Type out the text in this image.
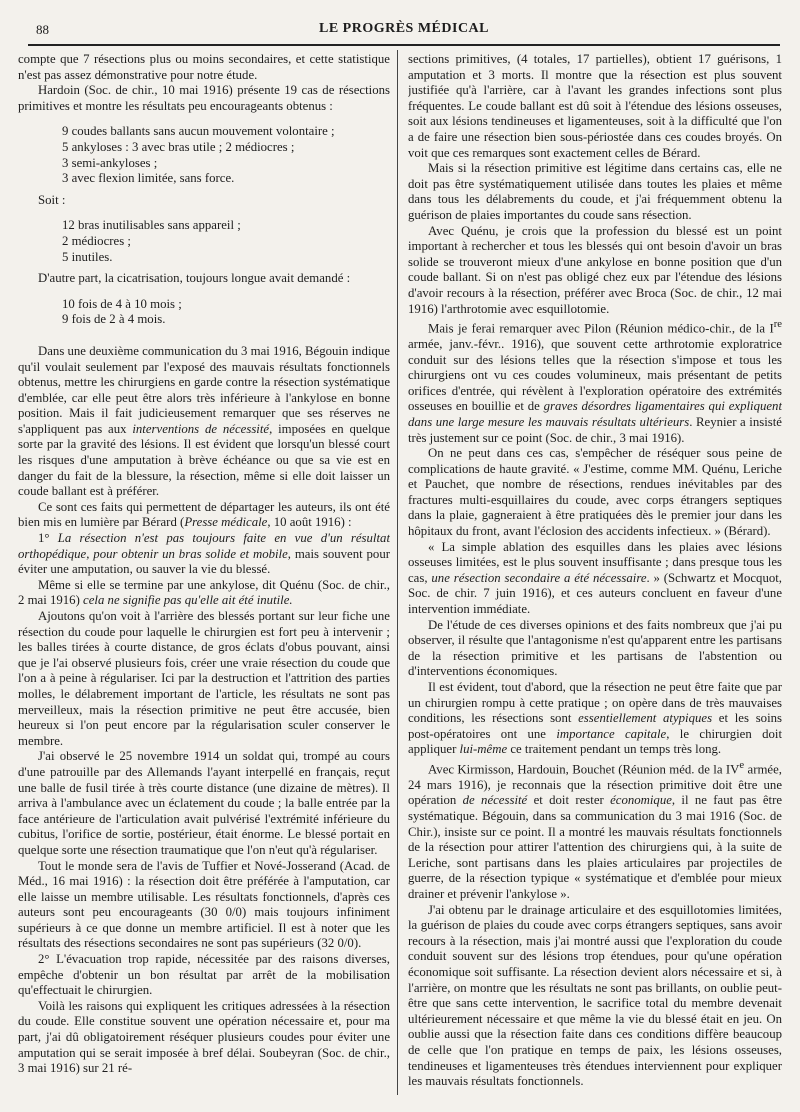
88	LE PROGRÈS MÉDICAL

compte que 7 résections plus ou moins secondaires, et cette statistique n'est pas assez démonstrative pour notre étude.

Hardoin (Soc. de chir., 10 mai 1916) présente 19 cas de résections primitives et montre les résultats peu encourageants obtenus :

9 coudes ballants sans aucun mouvement volontaire ;
5 ankyloses : 3 avec bras utile ; 2 médiocres ;
3 semi-ankyloses ;
3 avec flexion limitée, sans force.

Soit :

12 bras inutilisables sans appareil ;
2 médiocres ;
5 inutiles.

D'autre part, la cicatrisation, toujours longue avait demandé :

10 fois de 4 à 10 mois ;
9 fois de 2 à 4 mois.

Dans une deuxième communication du 3 mai 1916, Bégouin indique qu'il voulait seulement par l'exposé des mauvais résultats fonctionnels obtenus, mettre les chirurgiens en garde contre la résection systématique d'emblée, car elle peut être alors très inférieure à l'ankylose en bonne position. Mais il fait judicieusement remarquer que ses réserves ne s'appliquent pas aux interventions de nécessité, imposées en quelque sorte par la gravité des lésions. Il est évident que lorsqu'un blessé court les risques d'une amputation à brève échéance ou que sa vie est en danger du fait de la blessure, la résection, même si elle doit laisser un coude ballant est à préférer.

Ce sont ces faits qui permettent de départager les auteurs, ils ont été bien mis en lumière par Bérard (Presse médicale, 10 août 1916) :

1° La résection n'est pas toujours faite en vue d'un résultat orthopédique, pour obtenir un bras solide et mobile, mais souvent pour éviter une amputation, ou sauver la vie du blessé.

Même si elle se termine par une ankylose, dit Quénu (Soc. de chir., 2 mai 1916) cela ne signifie pas qu'elle ait été inutile.

Ajoutons qu'on voit à l'arrière des blessés portant sur leur fiche une résection du coude pour laquelle le chirurgien est fort peu à intervenir ; les balles tirées à courte distance, de gros éclats d'obus pouvant, ainsi que je l'ai observé plusieurs fois, créer une vraie résection du coude que l'on a à peine à régulariser. Ici par la destruction et l'attrition des parties molles, le délabrement important de l'article, les résultats ne sont pas merveilleux, mais la résection primitive ne peut être accusée, bien heureux si l'on peut encore par la régularisation sculer conserver le membre.

J'ai observé le 25 novembre 1914 un soldat qui, trompé au cours d'une patrouille par des Allemands l'ayant interpellé en français, reçut une balle de fusil tirée à très courte distance (une dizaine de mètres). Il arriva à l'ambulance avec un éclatement du coude ; la balle entrée par la face antérieure de l'articulation avait pulvérisé l'extrémité inférieure du cubitus, l'orifice de sortie, postérieur, était énorme. Le blessé portait en quelque sorte une résection traumatique que l'on n'eut qu'à régulariser.

Tout le monde sera de l'avis de Tuffier et Nové-Josserand (Acad. de Méd., 16 mai 1916) : la résection doit être préférée à l'amputation, car elle laisse un membre utilisable. Les résultats fonctionnels, d'après ces auteurs sont peu encourageants (30 0/0) mais toujours infiniment supérieurs à ce que donne un membre artificiel. Il est à noter que les résultats des résections secondaires ne sont pas supérieurs (32 0/0).

2° L'évacuation trop rapide, nécessitée par des raisons diverses, empêche d'obtenir un bon résultat par arrêt de la mobilisation qu'effectuait le chirurgien.

Voilà les raisons qui expliquent les critiques adressées à la résection du coude. Elle constitue souvent une opération nécessaire et, pour ma part, j'ai dû obligatoirement réséquer plusieurs coudes pour éviter une amputation qui se serait imposée à bref délai. Soubeyran (Soc. de chir., 3 mai 1916) sur 21 ré-

sections primitives, (4 totales, 17 partielles), obtient 17 guérisons, 1 amputation et 3 morts. Il montre que la résection est plus souvent justifiée qu'à l'arrière, car à l'avant les grandes infections sont plus fréquentes. Le coude ballant est dû soit à l'étendue des lésions osseuses, soit aux lésions tendineuses et ligamenteuses, soit à la difficulté que l'on a de faire une résection bien sous-périostée dans ces coudes broyés. On voit que ces remarques sont exactement celles de Bérard.

Mais si la résection primitive est légitime dans certains cas, elle ne doit pas être systématiquement utilisée dans toutes les plaies et même dans tous les délabrements du coude, et j'ai fréquemment obtenu la guérison de plaies importantes du coude sans résection.

Avec Quénu, je crois que la profession du blessé est un point important à rechercher et tous les blessés qui ont besoin d'avoir un bras solide se trouveront mieux d'une ankylose en bonne position que d'un coude ballant. Si on n'est pas obligé chez eux par l'étendue des lésions d'avoir recours à la résection, préférer avec Broca (Soc. de chir., 12 mai 1916) l'arthrotomie avec esquillotomie.

Mais je ferai remarquer avec Pilon (Réunion médico-chir., de la Ire armée, janv.-févr.. 1916), que souvent cette arthrotomie exploratrice conduit sur des lésions telles que la résection s'impose et tous les chirurgiens ont vu ces coudes volumineux, mais présentant de petits orifices d'entrée, qui révèlent à l'exploration opératoire des extrémités osseuses en bouillie et de graves désordres ligamentaires qui expliquent dans une large mesure les mauvais résultats ultérieurs. Reynier a insisté très justement sur ce point (Soc. de chir., 3 mai 1916).

On ne peut dans ces cas, s'empêcher de réséquer sous peine de complications de haute gravité. « J'estime, comme MM. Quénu, Leriche et Pauchet, que nombre de résections, rendues inévitables par des fractures multi-esquillaires du coude, avec corps étrangers septiques dans la plaie, gagneraient à être pratiquées dès le premier jour dans les hôpitaux du front, avant l'éclosion des accidents infectieux. » (Bérard).

« La simple ablation des esquilles dans les plaies avec lésions osseuses limitées, est le plus souvent insuffisante ; dans presque tous les cas, une résection secondaire a été nécessaire. » (Schwartz et Mocquot, Soc. de chir. 7 juin 1916), et ces auteurs concluent en faveur d'une intervention immédiate.

De l'étude de ces diverses opinions et des faits nombreux que j'ai pu observer, il résulte que l'antagonisme n'est qu'apparent entre les partisans de la résection primitive et les partisans de l'abstention ou d'interventions économiques.

Il est évident, tout d'abord, que la résection ne peut être faite que par un chirurgien rompu à cette pratique ; on opère dans de très mauvaises conditions, les résections sont essentiellement atypiques et les soins post-opératoires ont une importance capitale, le chirurgien doit appliquer lui-même ce traitement pendant un temps très long.

Avec Kirmisson, Hardouin, Bouchet (Réunion méd. de la IVe armée, 24 mars 1916), je reconnais que la résection primitive doit être une opération de nécessité et doit rester économique, il ne faut pas être systématique. Bégouin, dans sa communication du 3 mai 1916 (Soc. de Chir.), insiste sur ce point. Il a montré les mauvais résultats fonctionnels de la résection pour attirer l'attention des chirurgiens qui, à la suite de Leriche, sont partisans dans les plaies articulaires par projectiles de guerre, de la résection typique « systématique et d'emblée pour mieux drainer et prévenir l'ankylose ».

J'ai obtenu par le drainage articulaire et des esquillotomies limitées, la guérison de plaies du coude avec corps étrangers septiques, sans avoir recours à la résection, mais j'ai montré aussi que l'exploration du coude conduit souvent sur des lésions trop étendues, pour qu'une opération économique soit suffisante. La résection devient alors nécessaire et si, à l'arrière, on montre que les résultats ne sont pas brillants, on oublie peut-être que sans cette intervention, le sacrifice total du membre devenait ultérieurement nécessaire et que même la vie du blessé était en jeu. On oublie aussi que la résection faite dans ces conditions diffère beaucoup de celle que l'on pratique en temps de paix, les lésions osseuses, tendineuses et ligamenteuses très étendues interviennent pour expliquer les mauvais résultats fonctionnels.
